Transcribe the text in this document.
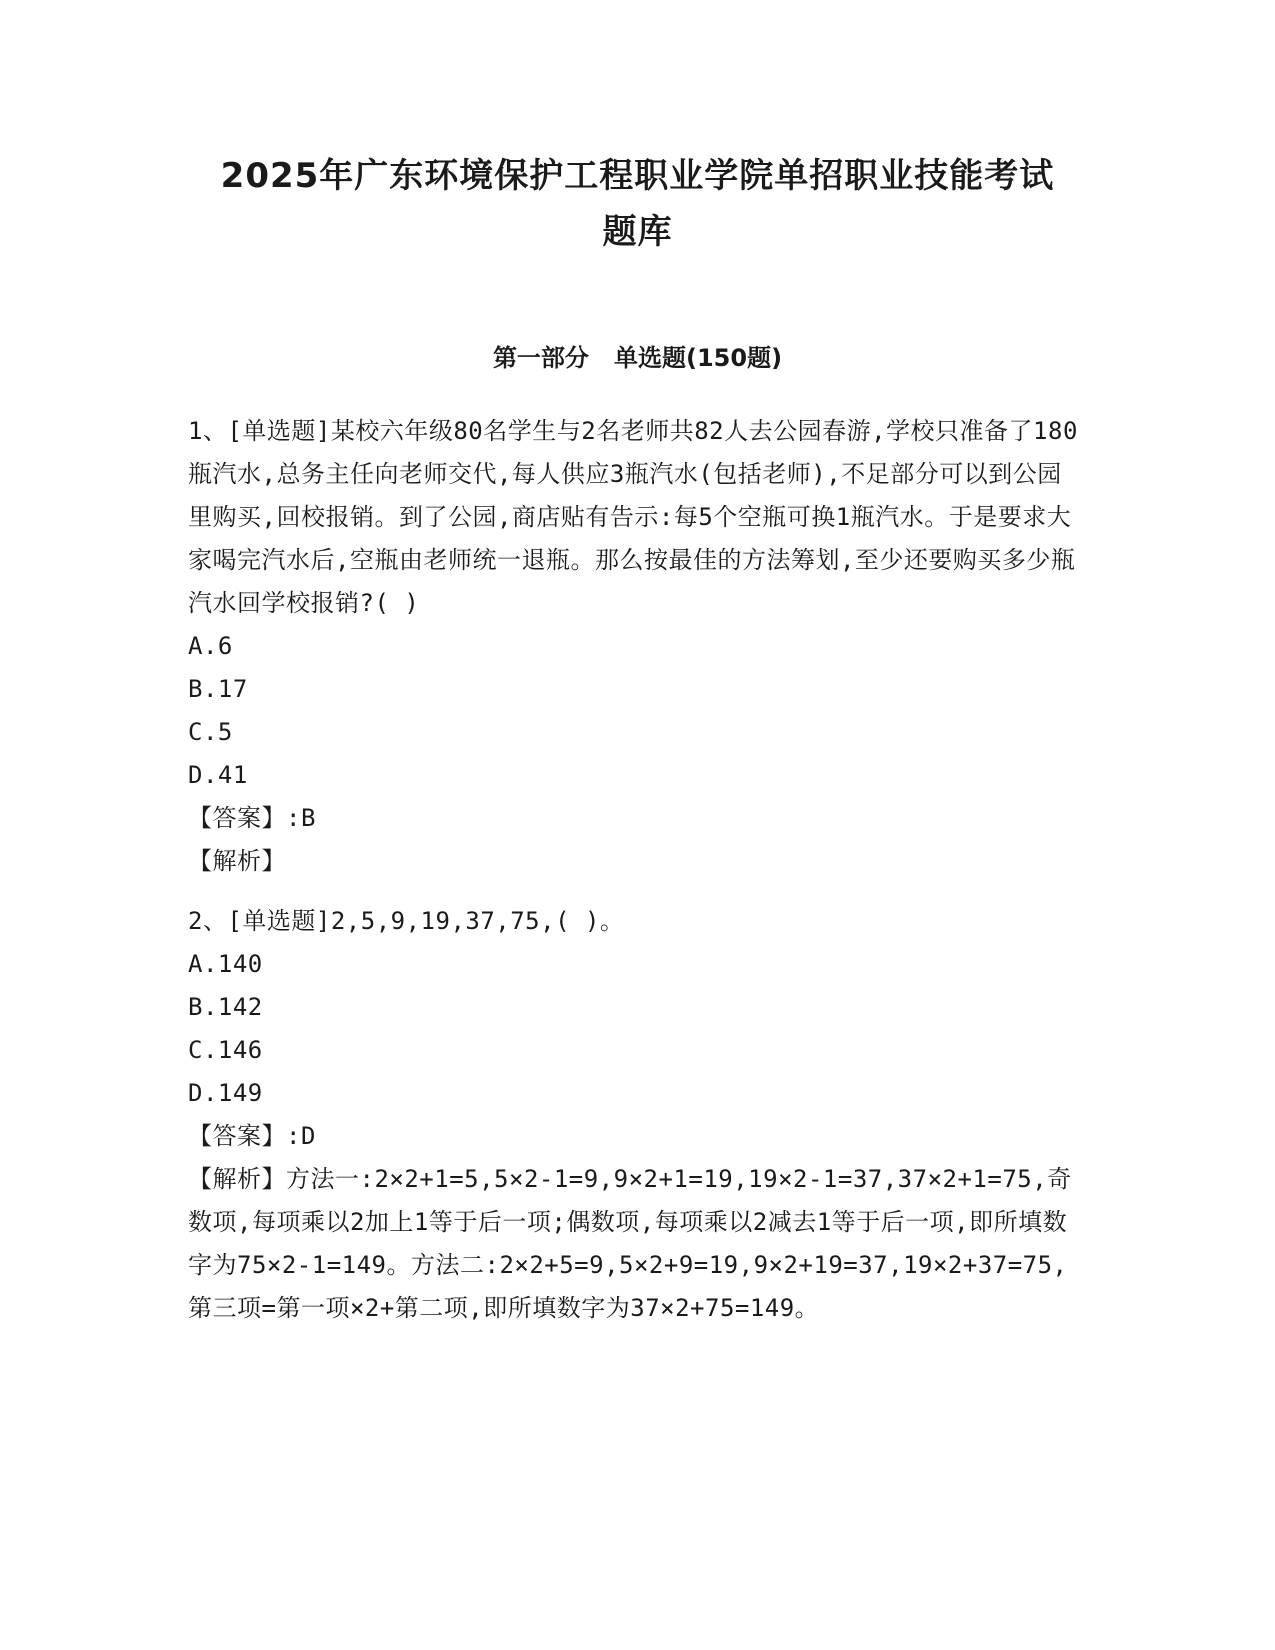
2025年广东环境保护工程职业学院单招职业技能考试
题库
第一部分   单选题(150题)

1、[单选题]某校六年级80名学生与2名老师共82人去公园春游,学校只准备了180瓶汽水,总务主任向老师交代,每人供应3瓶汽水(包括老师),不足部分可以到公园里购买,回校报销。到了公园,商店贴有告示:每5个空瓶可换1瓶汽水。于是要求大家喝完汽水后,空瓶由老师统一退瓶。那么按最佳的方法筹划,至少还要购买多少瓶汽水回学校报销?( )

A.6

B.17

C.5

D.41

【答案】:B

【解析】

2、[单选题]2,5,9,19,37,75,( )。

A.140

B.142

C.146

D.149

【答案】:D

【解析】方法一:2×2+1=5,5×2-1=9,9×2+1=19,19×2-1=37,37×2+1=75,奇数项,每项乘以2加上1等于后一项;偶数项,每项乘以2减去1等于后一项,即所填数字为75×2-1=149。方法二:2×2+5=9,5×2+9=19,9×2+19=37,19×2+37=75,第三项=第一项×2+第二项,即所填数字为37×2+75=149。
